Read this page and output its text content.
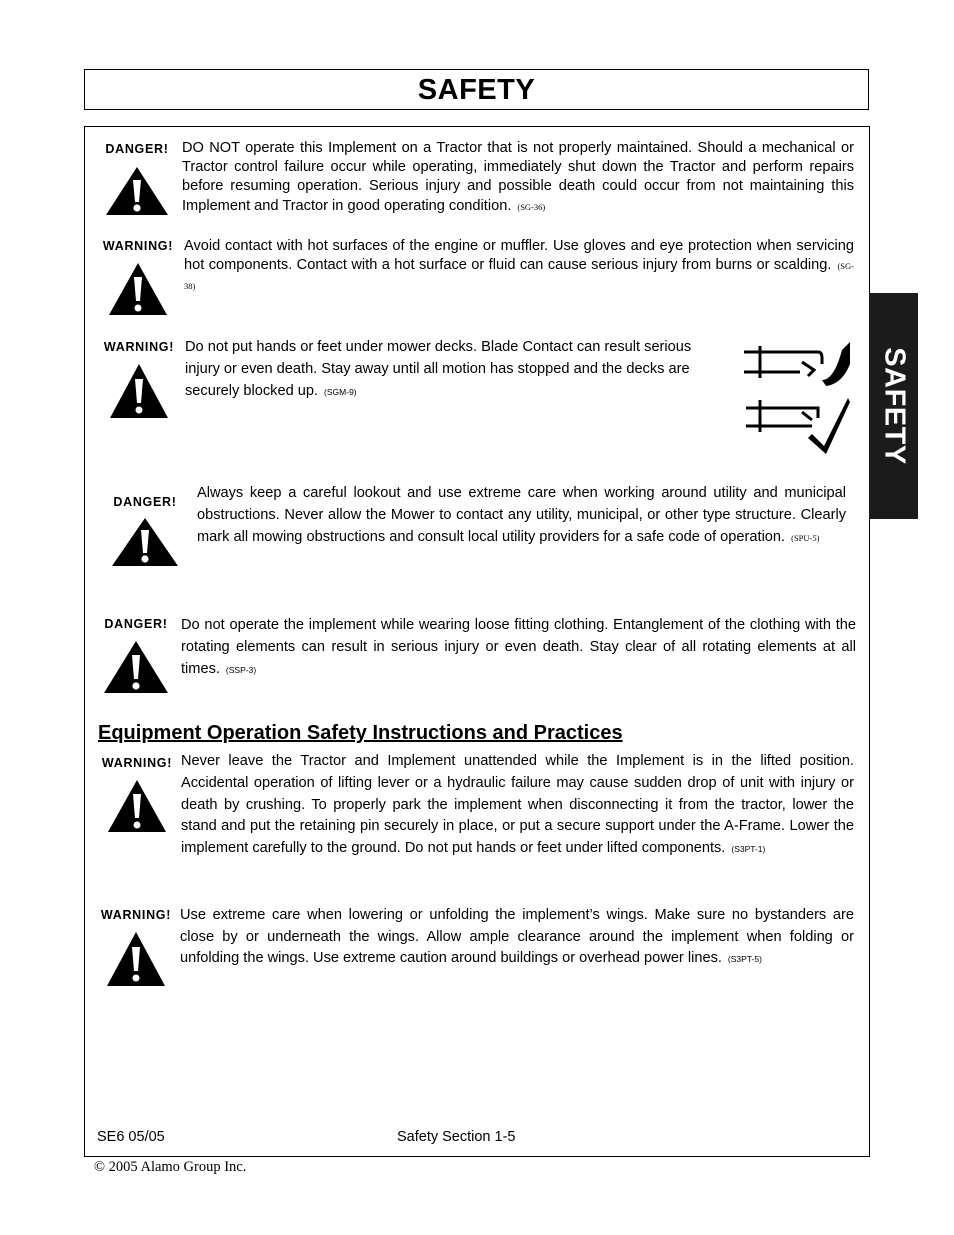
SAFETY
SAFETY
DANGER! DO NOT operate this Implement on a Tractor that is not properly maintained. Should a mechanical or Tractor control failure occur while operating, immediately shut down the Tractor and perform repairs before resuming operation. Serious injury and possible death could occur from not maintaining this Implement and Tractor in good operating condition. (SG-36)
WARNING! Avoid contact with hot surfaces of the engine or muffler. Use gloves and eye protection when servicing hot components. Contact with a hot surface or fluid can cause serious injury from burns or scalding. (SG-38)
WARNING! Do not put hands or feet under mower decks. Blade Contact can result serious injury or even death. Stay away until all motion has stopped and the decks are securely blocked up. (SGM-9)
DANGER!
Always keep a careful lookout and use extreme care when working around utility and municipal obstructions. Never allow the Mower to contact any utility, municipal, or other type structure. Clearly mark all mowing obstructions and consult local utility providers for a safe code of operation. (SPU-5)
DANGER! Do not operate the implement while wearing loose fitting clothing. Entanglement of the clothing with the rotating elements can result in serious injury or even death. Stay clear of all rotating elements at all times. (SSP-3)
Equipment Operation Safety Instructions and Practices
WARNING! Never leave the Tractor and Implement unattended while the Implement is in the lifted position. Accidental operation of lifting lever or a hydraulic failure may cause sudden drop of unit with injury or death by crushing. To properly park the implement when disconnecting it from the tractor, lower the stand and put the retaining pin securely in place, or put a secure support under the A-Frame. Lower the implement carefully to the ground. Do not put hands or feet under lifted components. (S3PT-1)
WARNING! Use extreme care when lowering or unfolding the implement’s wings. Make sure no bystanders are close by or underneath the wings. Allow ample clearance around the implement when folding or unfolding the wings. Use extreme caution around buildings or overhead power lines. (S3PT-5)
SE6 05/05	Safety Section 1-5
© 2005 Alamo Group Inc.
